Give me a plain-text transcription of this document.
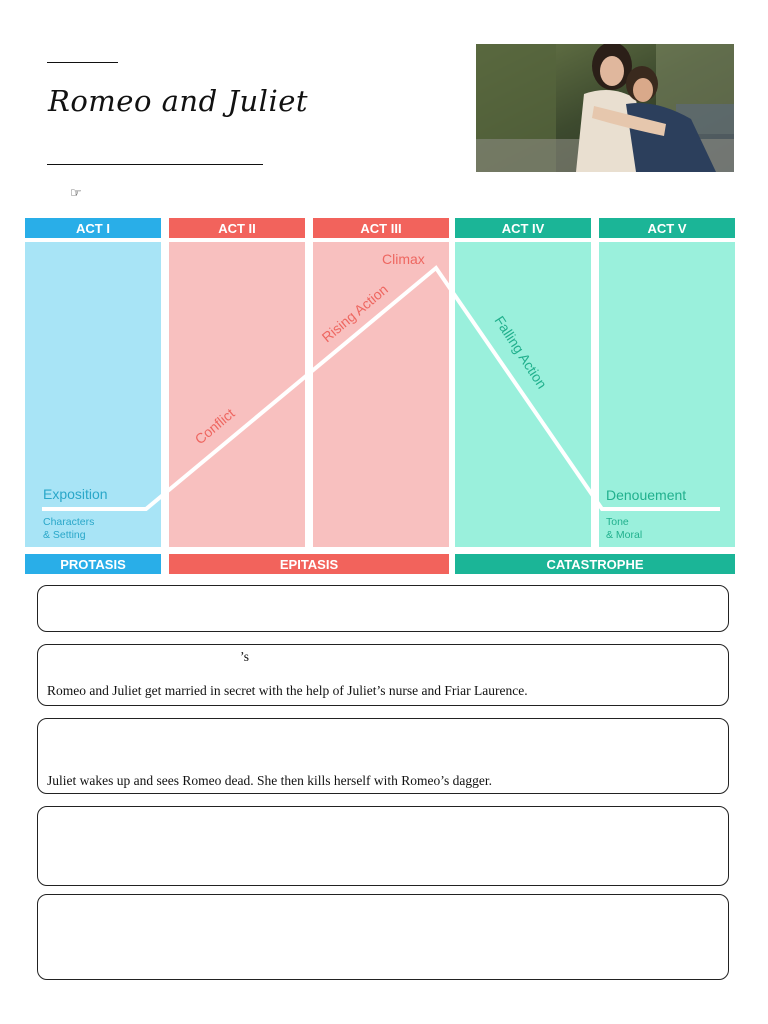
Romeo and Juliet
☞
ACT I	ACT II	ACT III	ACT IV	ACT V
PROTASIS	EPITASIS	CATASTROPHE
Exposition
Characters
& Setting
Conflict
Rising Action
Climax
Falling Action
Denouement
Tone
& Moral
’s
Romeo and Juliet get married in secret with the help of Juliet’s nurse and Friar Laurence.
Juliet wakes up and sees Romeo dead. She then kills herself with Romeo’s dagger.
